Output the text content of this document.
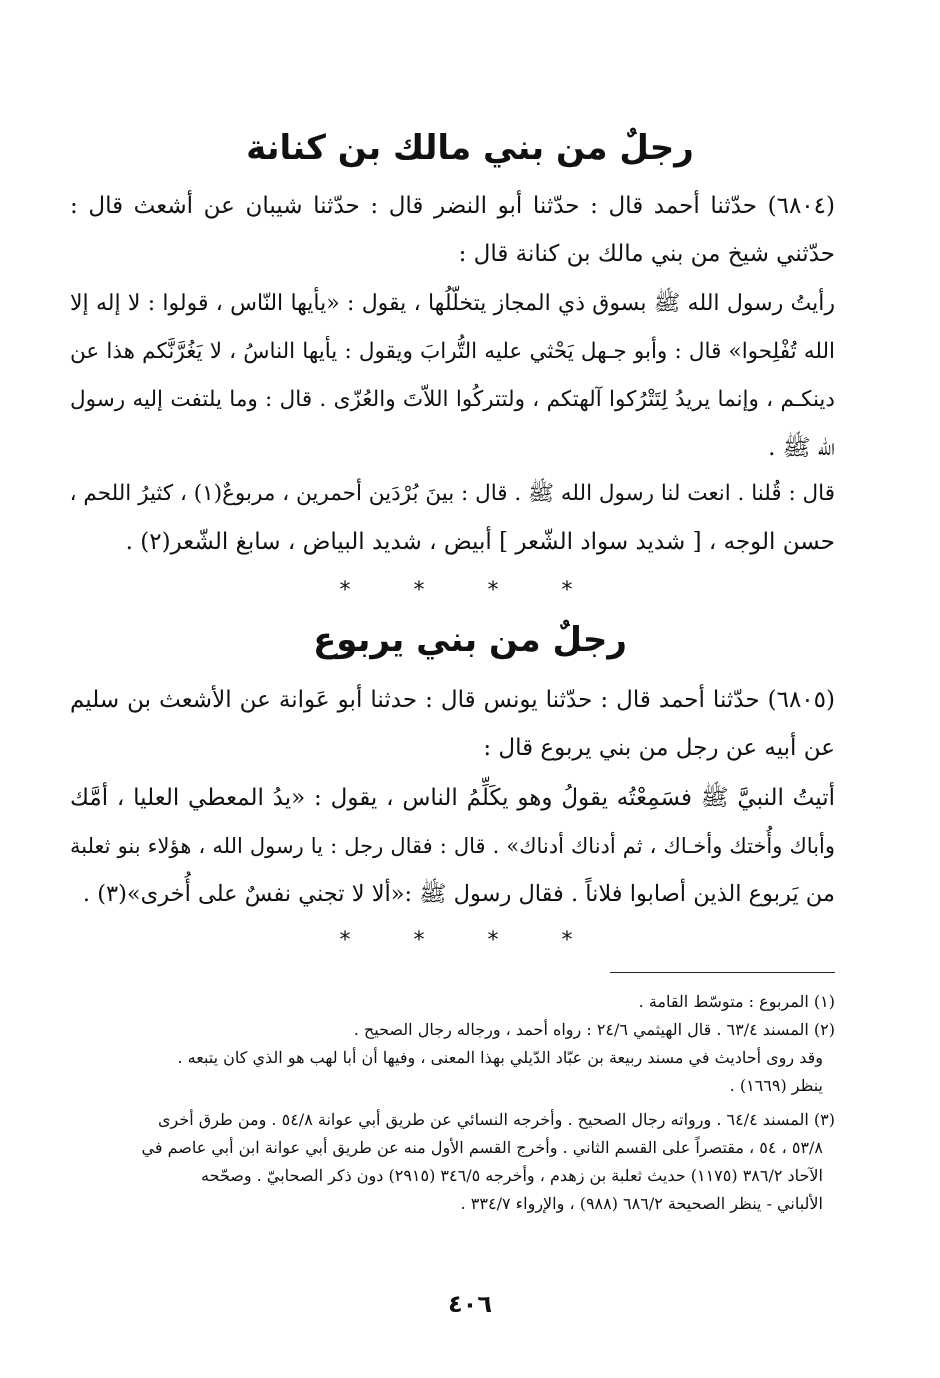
رجلٌ من بني مالك بن كنانة
(٦٨٠٤) حدّثنا أحمد قال : حدّثنا أبو النضر قال : حدّثنا شيبان عن أشعث قال :
حدّثني شيخ من بني مالك بن كنانة قال :
رأيتُ رسول الله ﷺ بسوق ذي المجاز يتخلّلُها ، يقول : «يأيها النّاس ، قولوا : لا إله إلا
الله تُفْلِحوا» قال : وأبو جـهل يَحْثي عليه التُّرابَ ويقول : يأيها الناسُ ، لا يَغُرَّنَّكم هذا عن
دينكـم ، وإنما يريدُ لِتَتْرُكوا آلهتكم ، ولتتركُوا اللاّتَ والعُزّى . قال : وما يلتفت إليه رسول
الله ﷺ .
قال : قُلنا . انعت لنا رسول الله ﷺ . قال : بينَ بُرْدَين أحمرين ، مربوعٌ(١) ، كثيرُ اللحم ،
حسن الوجه ، [ شديد سواد الشّعر ] أبيض ، شديد البياض ، سابغ الشّعر(٢) .
* * * *
رجلٌ من بني يربوع
(٦٨٠٥) حدّثنا أحمد قال : حدّثنا يونس قال : حدثنا أبو عَوانة عن الأشعث بن سليم
عن أبيه عن رجل من بني يربوع قال :
أتيتُ النبيَّ ﷺ فسَمِعْتُه يقولُ وهو يكَلِّمُ الناس ، يقول : «يدُ المعطي العليا ، أمَّك
وأباك وأُختك وأخـاك ، ثم أدناك أدناك» . قال : فقال رجل : يا رسول الله ، هؤلاء بنو ثعلبة
من يَربوع الذين أصابوا فلاناً . فقال رسول ﷺ :«ألا لا تجني نفسٌ على أُخرى»(٣) .
* * * *
(١) المربوع : متوسّط القامة .
(٢) المسند ٦٣/٤ . قال الهيثمي ٢٤/٦ : رواه أحمد ، ورجاله رجال الصحيح .
وقد روى أحاديث في مسند ربيعة بن عبّاد الدّيلي بهذا المعنى ، وفيها أن أبا لهب هو الذي كان يتبعه .
ينظر (١٦٦٩) .
(٣) المسند ٦٤/٤ . ورواته رجال الصحيح . وأخرجه النسائي عن طريق أبي عوانة ٥٤/٨ . ومن طرق أخرى
٥٣/٨ ، ٥٤ ، مقتصراً على القسم الثاني . وأخرج القسم الأول منه عن طريق أبي عوانة ابن أبي عاصم في
الآحاد ٣٨٦/٢ (١١٧٥) حديث ثعلبة بن زهدم ، وأخرجه ٣٤٦/٥ (٢٩١٥) دون ذكر الصحابيّ . وصحّحه
الألباني - ينظر الصحيحة ٦٨٦/٢ (٩٨٨) ، والإرواء ٣٣٤/٧ .
٤٠٦
